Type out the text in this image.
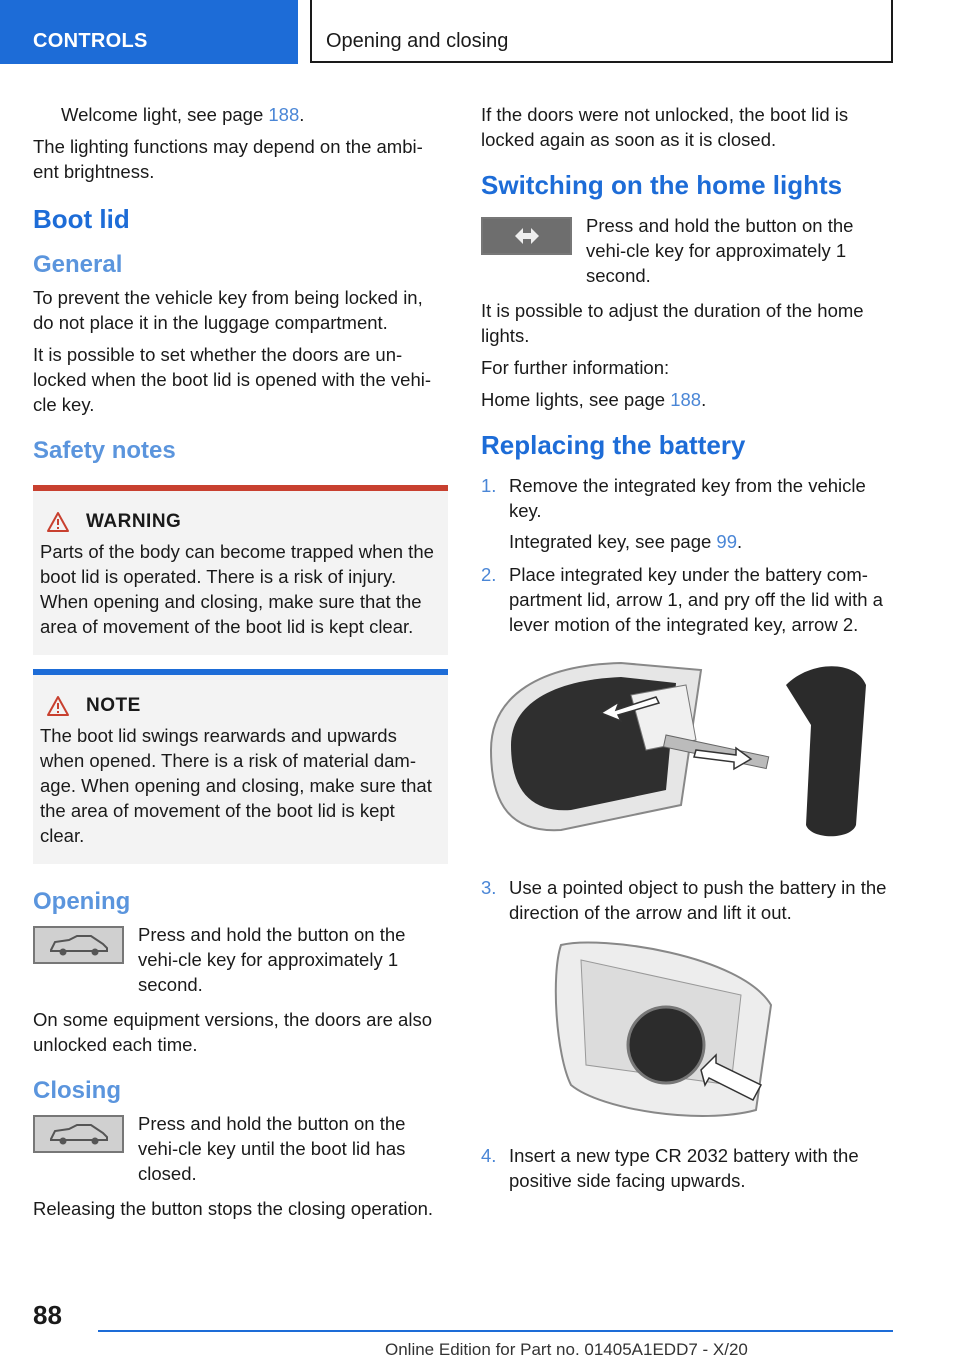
CONTROLS	Opening and closing

Welcome light, see page 188.

The lighting functions may depend on the ambi-ent brightness.

Boot lid
General

To prevent the vehicle key from being locked in, do not place it in the luggage compartment.

It is possible to set whether the doors are un-locked when the boot lid is opened with the vehi-cle key.

Safety notes
WARNING

Parts of the body can become trapped when the boot lid is operated. There is a risk of injury. When opening and closing, make sure that the area of movement of the boot lid is kept clear.

NOTE

The boot lid swings rearwards and upwards when opened. There is a risk of material dam-age. When opening and closing, make sure that the area of movement of the boot lid is kept clear.

Opening

Press and hold the button on the vehi-cle key for approximately 1 second.

On some equipment versions, the doors are also unlocked each time.

Closing

Press and hold the button on the vehi-cle key until the boot lid has closed.

Releasing the button stops the closing operation.

If the doors were not unlocked, the boot lid is locked again as soon as it is closed.

Switching on the home lights

Press and hold the button on the vehi-cle key for approximately 1 second.

It is possible to adjust the duration of the home lights.

For further information:

Home lights, see page 188.

Replacing the battery
1. Remove the integrated key from the vehicle key.

Integrated key, see page 99.

2. Place integrated key under the battery com-partment lid, arrow 1, and pry off the lid with a lever motion of the integrated key, arrow 2.

3. Use a pointed object to push the battery in the direction of the arrow and lift it out.

4. Insert a new type CR 2032 battery with the positive side facing upwards.

88
Online Edition for Part no. 01405A1EDD7 - X/20
